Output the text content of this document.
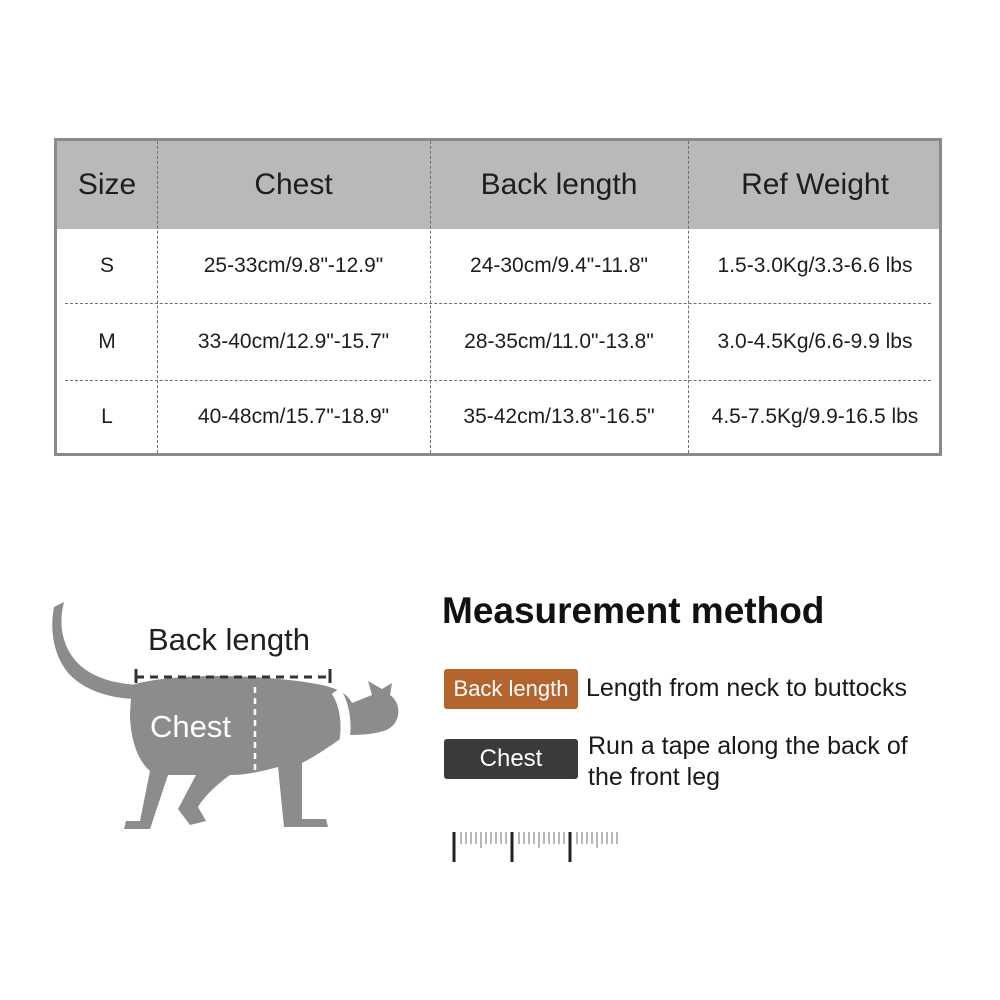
Size	Chest	Back length	Ref Weight
S	25-33cm/9.8"-12.9"	24-30cm/9.4"-11.8"	1.5-3.0Kg/3.3-6.6 lbs
M	33-40cm/12.9"-15.7"	28-35cm/11.0"-13.8"	3.0-4.5Kg/6.6-9.9 lbs
L	40-48cm/15.7"-18.9"	35-42cm/13.8"-16.5"	4.5-7.5Kg/9.9-16.5 lbs
Back length
Chest
Measurement method
Back length Length from neck to buttocks
Chest	Run a tape along the back of the front leg
